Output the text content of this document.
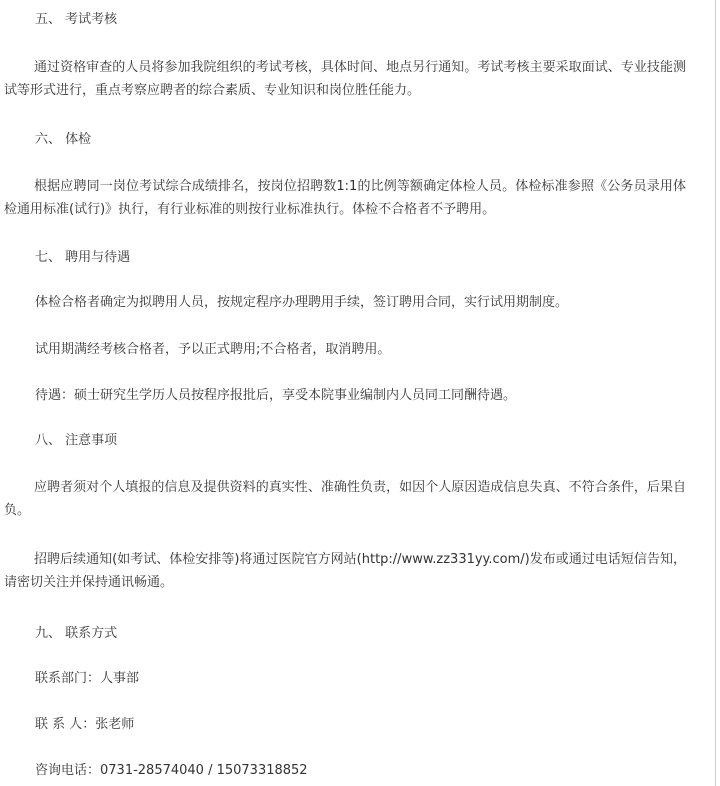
五、 考试考核
通过资格审查的人员将参加我院组织的考试考核，具体时间、地点另行通知。考试考核主要采取面试、专业技能测试等形式进行，重点考察应聘者的综合素质、专业知识和岗位胜任能力。
六、 体检
根据应聘同一岗位考试综合成绩排名，按岗位招聘数1:1的比例等额确定体检人员。体检标准参照《公务员录用体检通用标准(试行)》执行，有行业标准的则按行业标准执行。体检不合格者不予聘用。
七、 聘用与待遇
体检合格者确定为拟聘用人员，按规定程序办理聘用手续，签订聘用合同，实行试用期制度。
试用期满经考核合格者，予以正式聘用;不合格者，取消聘用。
待遇：硕士研究生学历人员按程序报批后，享受本院事业编制内人员同工同酬待遇。
八、 注意事项
应聘者须对个人填报的信息及提供资料的真实性、准确性负责，如因个人原因造成信息失真、不符合条件，后果自负。
招聘后续通知(如考试、体检安排等)将通过医院官方网站(http://www.zz331yy.com/)发布或通过电话短信告知，请密切关注并保持通讯畅通。
九、 联系方式
联系部门：人事部
联 系 人：张老师
咨询电话：0731-28574040 / 15073318852
